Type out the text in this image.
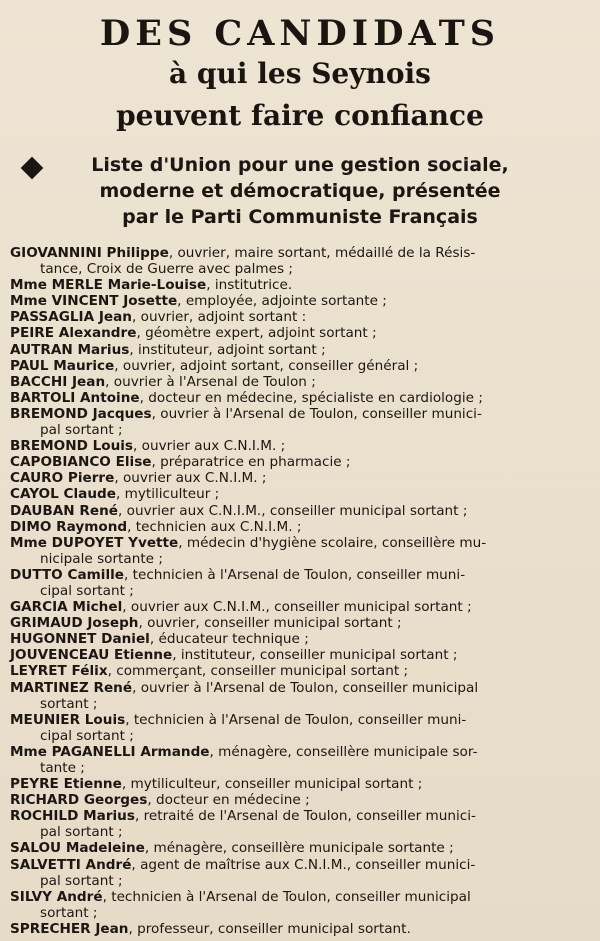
DES CANDIDATS
à qui les Seynois
peuvent faire confiance
Liste d'Union pour une gestion sociale,
moderne et démocratique, présentée
par le Parti Communiste Français

GIOVANNINI Philippe, ouvrier, maire sortant, médaillé de la Résis-
tance, Croix de Guerre avec palmes ;

Mme MERLE Marie-Louise, institutrice.

Mme VINCENT Josette, employée, adjointe sortante ;

PASSAGLIA Jean, ouvrier, adjoint sortant :

PEIRE Alexandre, géomètre expert, adjoint sortant ;

AUTRAN Marius, instituteur, adjoint sortant ;

PAUL Maurice, ouvrier, adjoint sortant, conseiller général ;

BACCHI Jean, ouvrier à l'Arsenal de Toulon ;

BARTOLI Antoine, docteur en médecine, spécialiste en cardiologie ;

BREMOND Jacques, ouvrier à l'Arsenal de Toulon, conseiller munici-
pal sortant ;

BREMOND Louis, ouvrier aux C.N.I.M. ;

CAPOBIANCO Elise, préparatrice en pharmacie ;

CAURO Pierre, ouvrier aux C.N.I.M. ;

CAYOL Claude, mytiliculteur ;

DAUBAN René, ouvrier aux C.N.I.M., conseiller municipal sortant ;

DIMO Raymond, technicien aux C.N.I.M. ;

Mme DUPOYET Yvette, médecin d'hygiène scolaire, conseillère mu-
nicipale sortante ;

DUTTO Camille, technicien à l'Arsenal de Toulon, conseiller muni-
cipal sortant ;

GARCIA Michel, ouvrier aux C.N.I.M., conseiller municipal sortant ;

GRIMAUD Joseph, ouvrier, conseiller municipal sortant ;

HUGONNET Daniel, éducateur technique ;

JOUVENCEAU Etienne, instituteur, conseiller municipal sortant ;

LEYRET Félix, commerçant, conseiller municipal sortant ;

MARTINEZ René, ouvrier à l'Arsenal de Toulon, conseiller municipal
sortant ;

MEUNIER Louis, technicien à l'Arsenal de Toulon, conseiller muni-
cipal sortant ;

Mme PAGANELLI Armande, ménagère, conseillère municipale sor-
tante ;

PEYRE Etienne, mytiliculteur, conseiller municipal sortant ;

RICHARD Georges, docteur en médecine ;

ROCHILD Marius, retraité de l'Arsenal de Toulon, conseiller munici-
pal sortant ;

SALOU Madeleine, ménagère, conseillère municipale sortante ;

SALVETTI André, agent de maîtrise aux C.N.I.M., conseiller munici-
pal sortant ;

SILVY André, technicien à l'Arsenal de Toulon, conseiller municipal
sortant ;

SPRECHER Jean, professeur, conseiller municipal sortant.
